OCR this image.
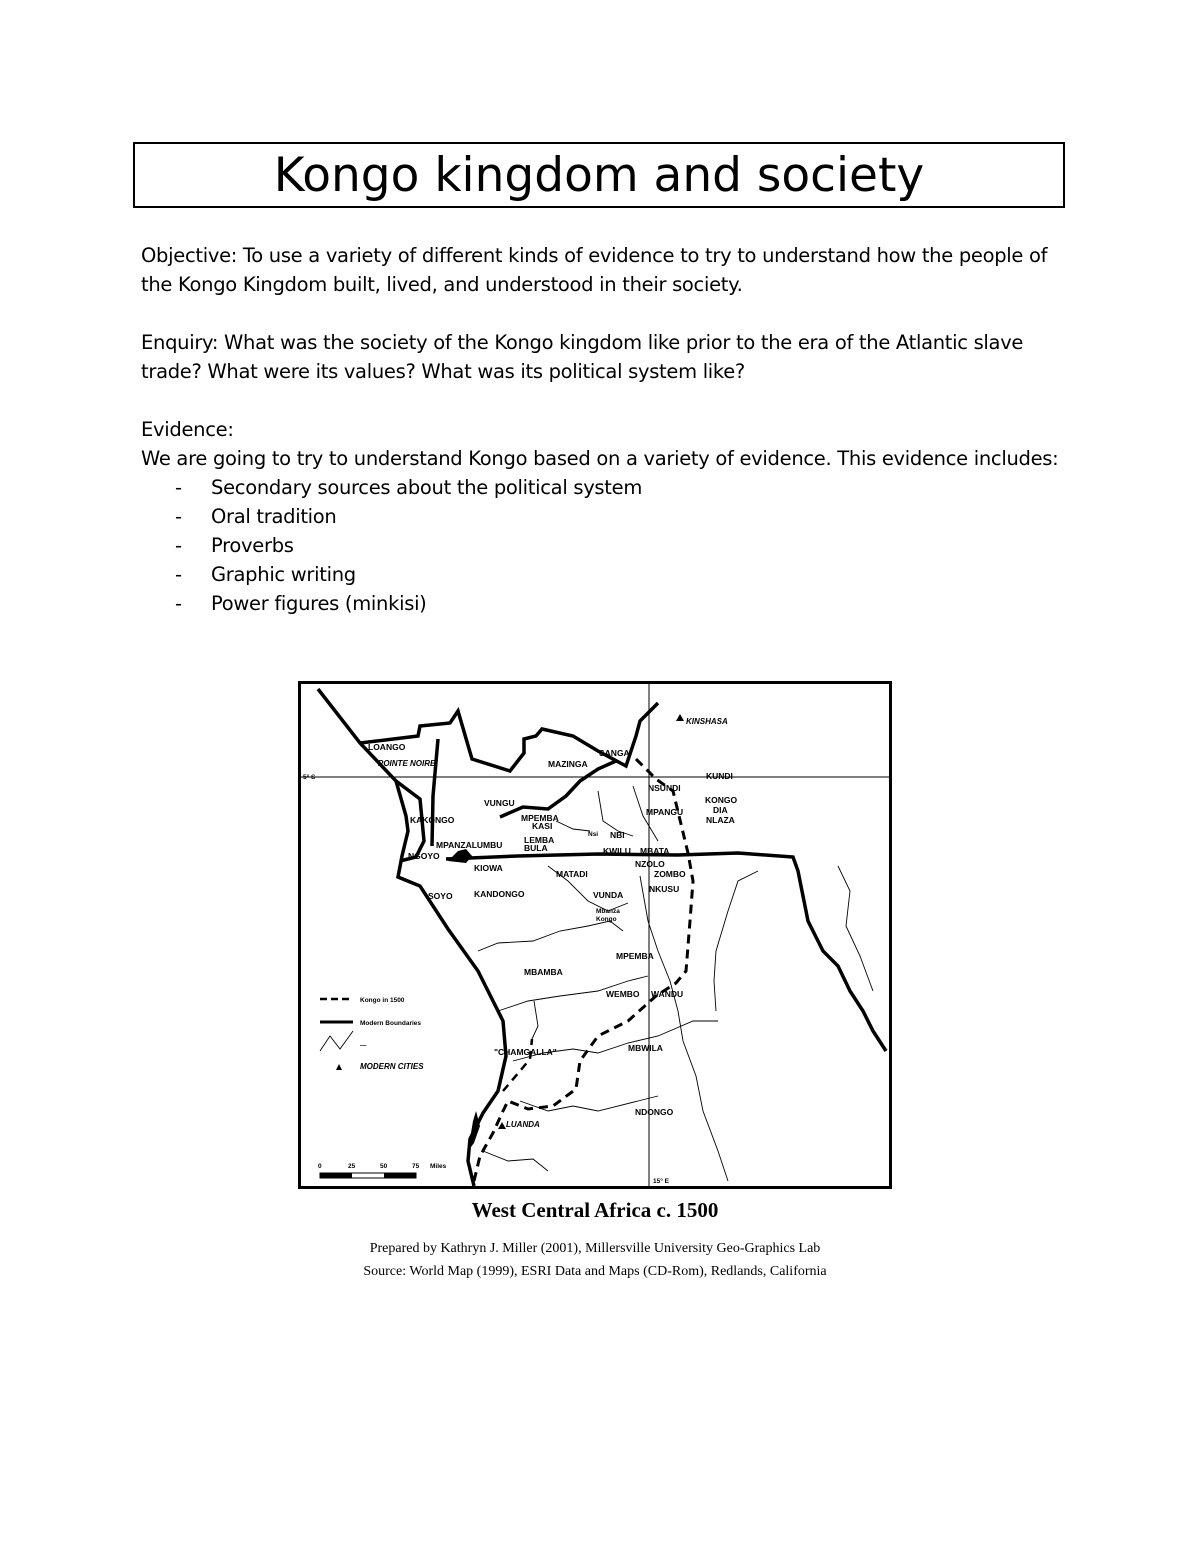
Kongo kingdom and society

Objective: To use a variety of different kinds of evidence to try to understand how the people of the Kongo Kingdom built, lived, and understood in their society.

Enquiry: What was the society of the Kongo kingdom like prior to the era of the Atlantic slave trade? What were its values? What was its political system like?

Evidence:

We are going to try to understand Kongo based on a variety of evidence. This evidence includes:

- Secondary sources about the political system
- Oral tradition
- Proverbs
- Graphic writing
- Power figures (minkisi)
LOANGO
POINTE NOIRE	MAZINGA
SANGA
KINSHASA
5° S	KUNDI
NSUNDI
KONGO
DIA
NLAZA
VUNGU
MPANGU
KAKONGO	MPEMBA
KASI
Nsi NBI
LEMBA
BULA	KWILU MBATA
MPANZALUMBU
NGOYO
KIOWA
MATADI
NZOLO
ZOMBO
NKUSU
SOYO	KANDONGO	VUNDA
Mbanza
Kongo
MPEMBA
MBAMBA
WEMBO WANDU
"CHAMGALLA"	MBWILA
NDONGO
LUANDA
15° E
Kongo in 1500
Modern Boundaries
—
MODERN CITIES
0	25	50	75 Miles
West Central Africa c. 1500
Prepared by Kathryn J. Miller (2001), Millersville University Geo-Graphics Lab
Source: World Map (1999), ESRI Data and Maps (CD-Rom), Redlands, California
